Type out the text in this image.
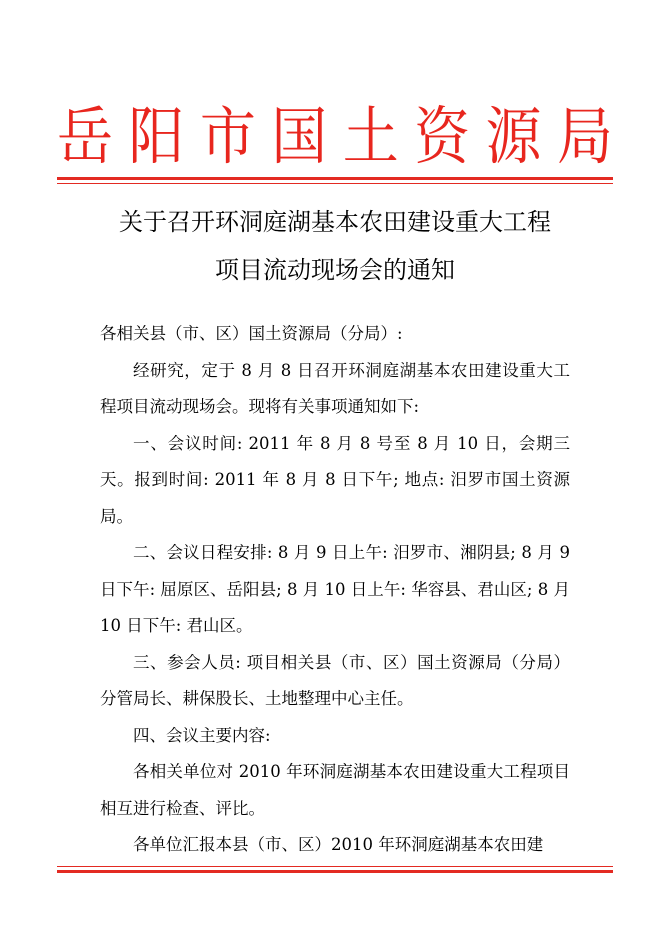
岳 阳 市 国 土 资 源 局
关于召开环洞庭湖基本农田建设重大工程
项目流动现场会的通知

各相关县（市、区）国土资源局（分局）:

经研究，定于 8 月 8 日召开环洞庭湖基本农田建设重大工程项目流动现场会。现将有关事项通知如下:

一、会议时间: 2011 年 8 月 8 号至 8 月 10 日，会期三天。报到时间: 2011 年 8 月 8 日下午; 地点: 汨罗市国土资源局。

二、会议日程安排: 8 月 9 日上午: 汨罗市、湘阴县; 8 月 9 日下午: 屈原区、岳阳县; 8 月 10 日上午: 华容县、君山区; 8 月 10 日下午: 君山区。

三、参会人员: 项目相关县（市、区）国土资源局（分局）分管局长、耕保股长、土地整理中心主任。

四、会议主要内容:

各相关单位对 2010 年环洞庭湖基本农田建设重大工程项目相互进行检查、评比。

各单位汇报本县（市、区）2010 年环洞庭湖基本农田建
